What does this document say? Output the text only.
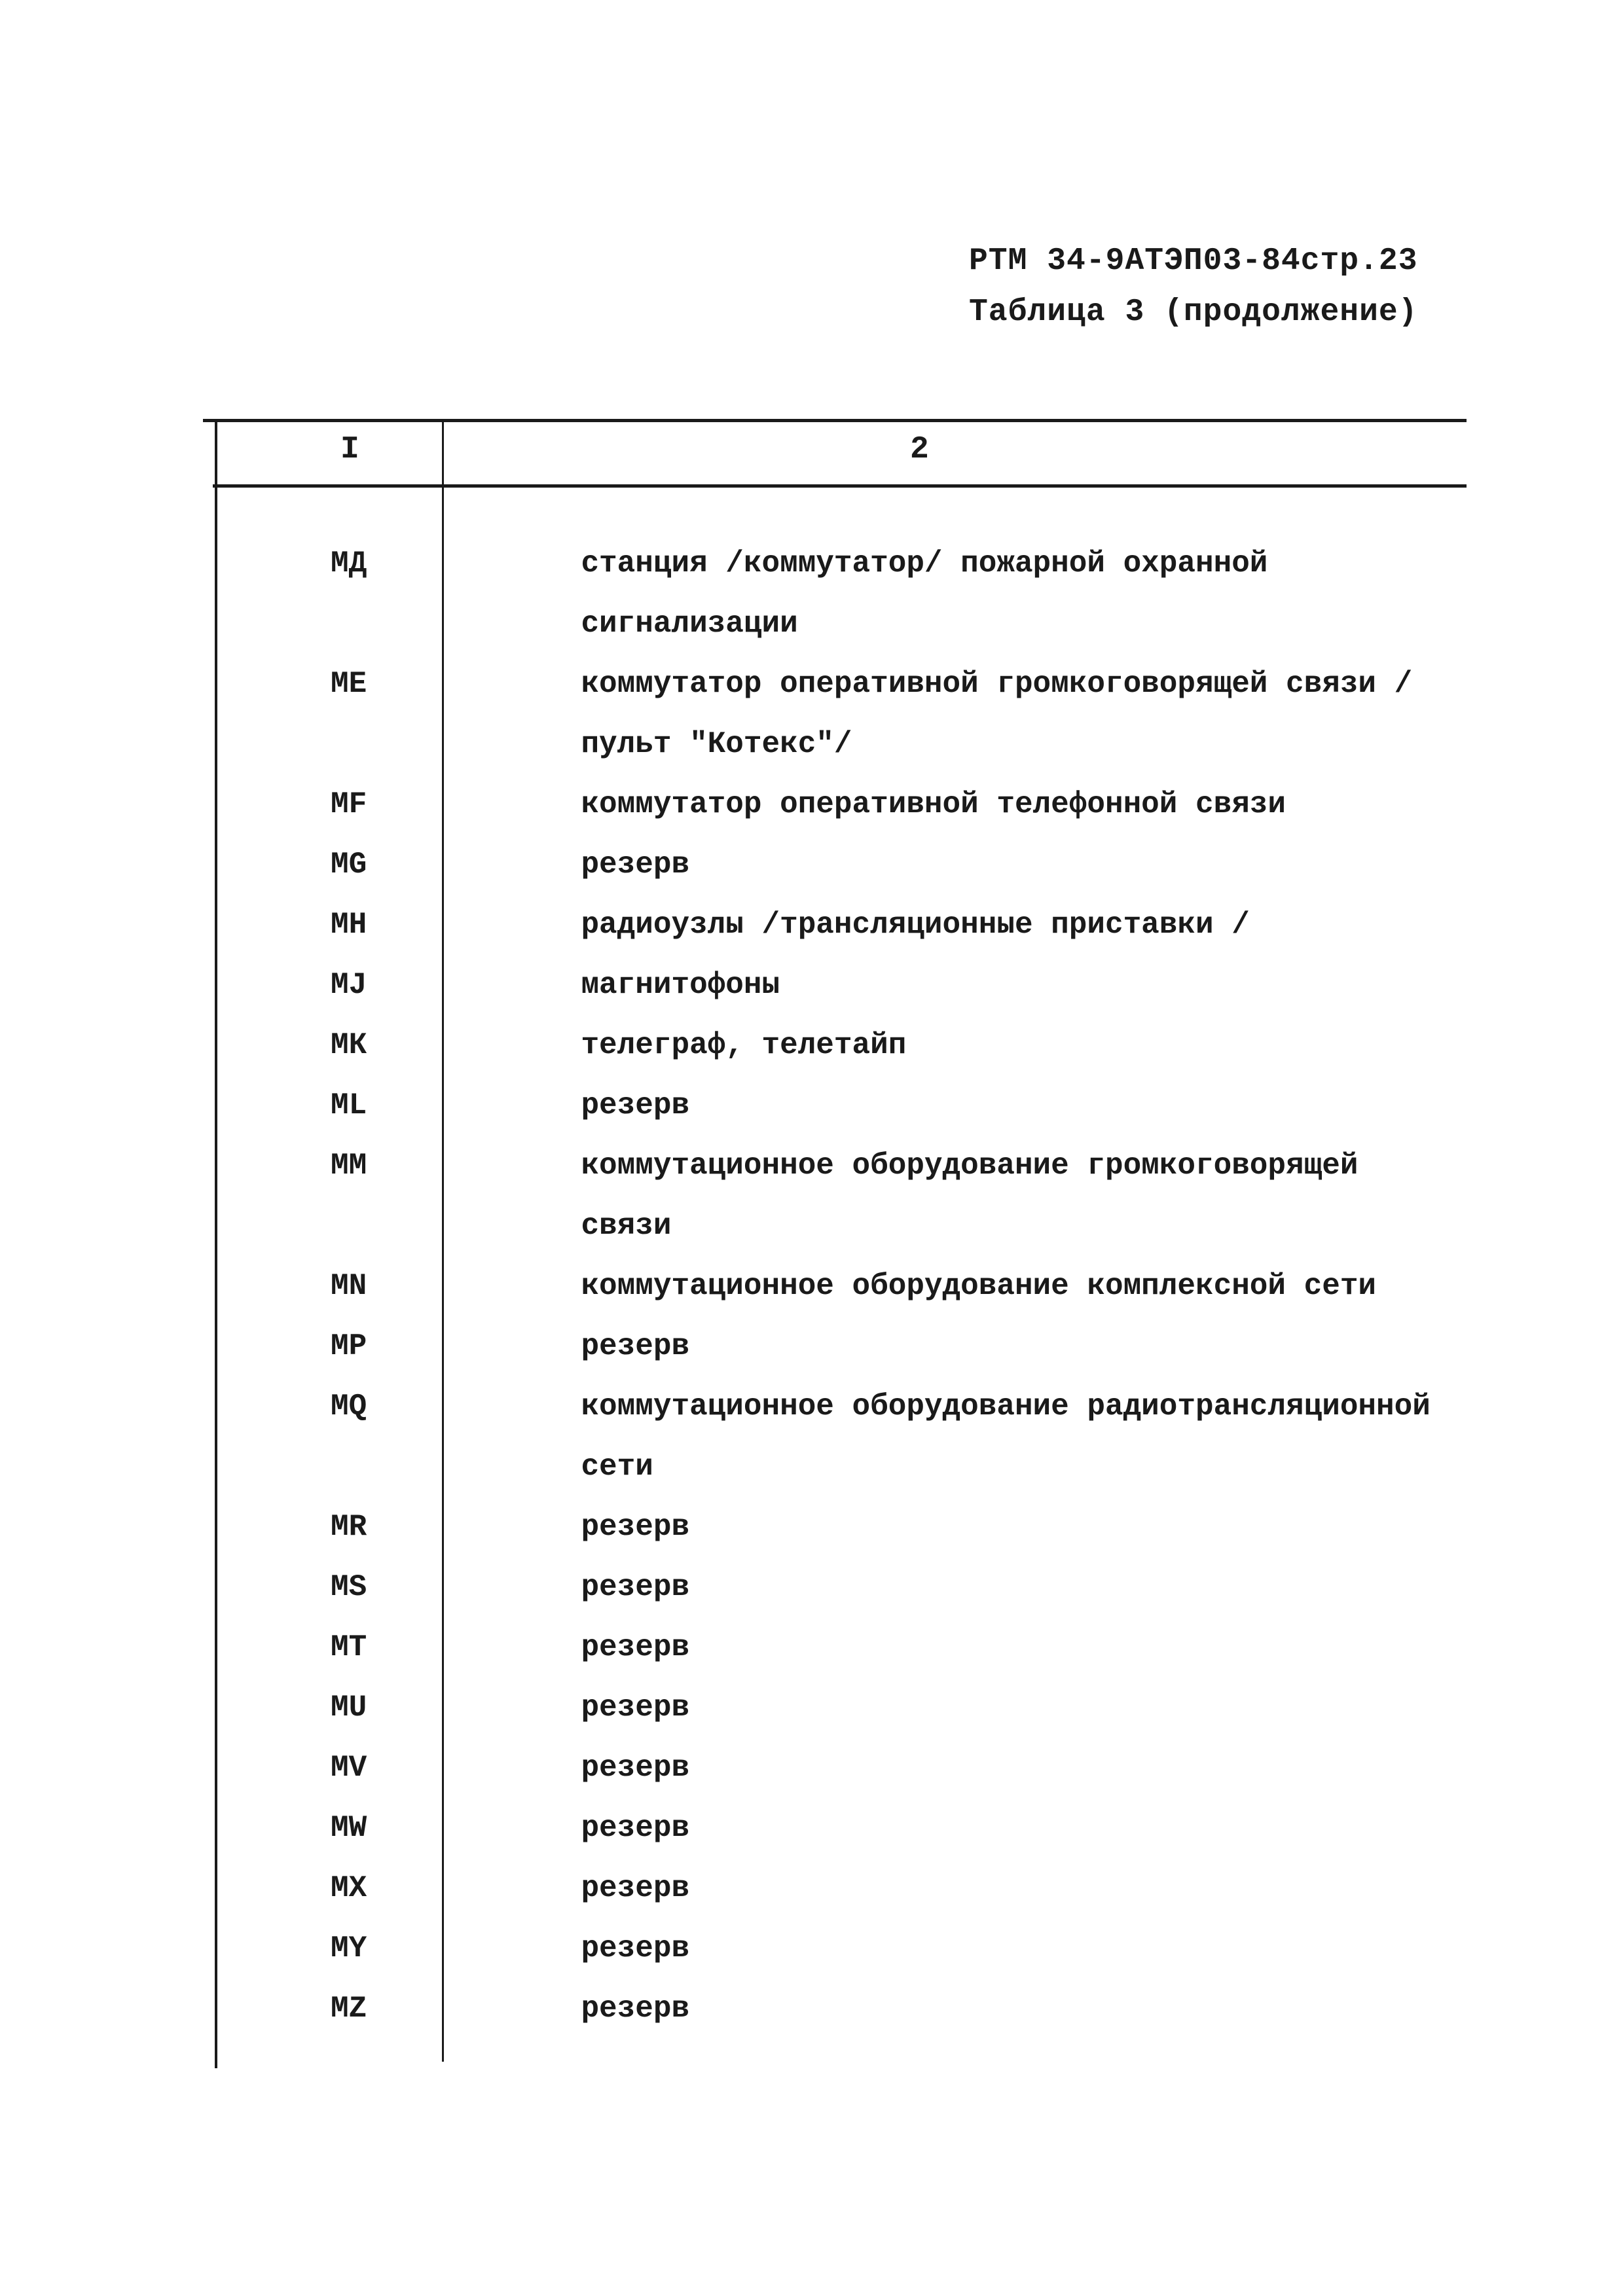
РТМ 34-9АТЭП03-84стр.23
Таблица 3 (продолжение)
I	2
МД	станция /коммутатор/ пожарной охранной сигнализации
МЕ	коммутатор оперативной громкоговорящей связи /пульт "Котекс"/
МF	коммутатор оперативной телефонной связи
МG	резерв
МН	радиоузлы /трансляционные приставки /
МJ	магнитофоны
МК	телеграф, телетайп
МL	резерв
ММ	коммутационное оборудование громкоговорящей связи
МN	коммутационное оборудование комплексной сети
МР	резерв
МQ	коммутационное оборудование радиотрансляционной сети
МR	резерв
МS	резерв
МТ	резерв
МU	резерв
МV	резерв
МW	резерв
МХ	резерв
МY	резерв
МZ	резерв
